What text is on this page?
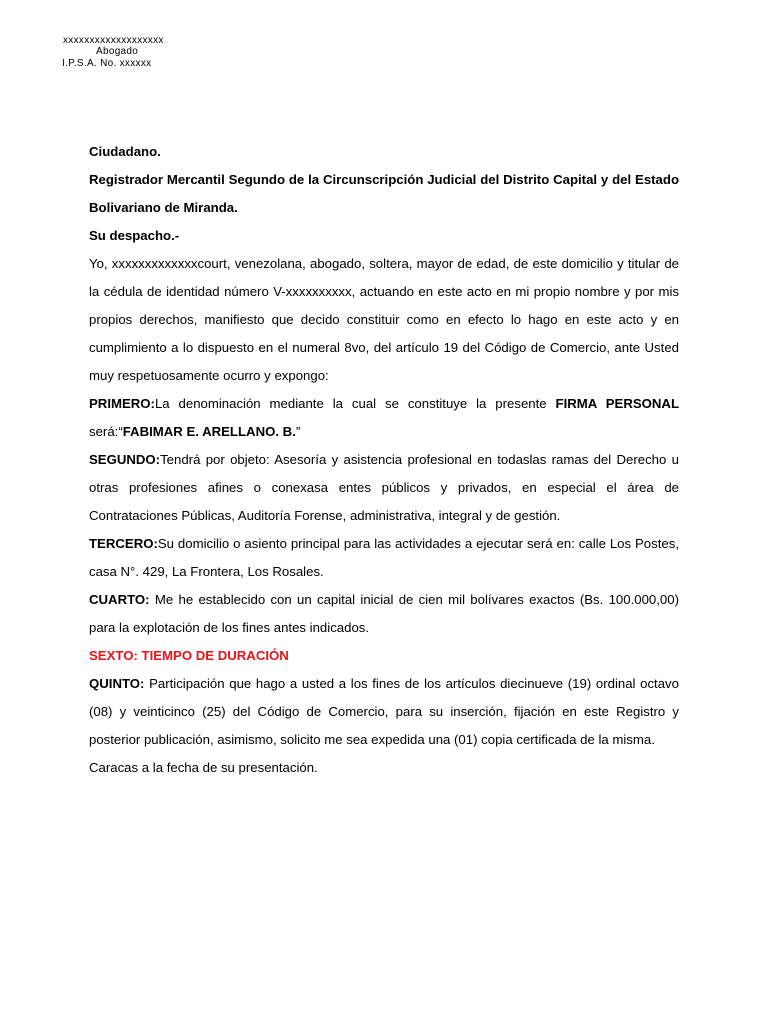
xxxxxxxxxxxxxxxxxxx
Abogado
I.P.S.A. No. xxxxxx

Ciudadano.

Registrador Mercantil Segundo de la Circunscripción Judicial del Distrito Capital y del Estado Bolivariano de Miranda.

Su despacho.-

Yo, xxxxxxxxxxxxxcourt, venezolana, abogado, soltera, mayor de edad, de este domicilio y titular de la cédula de identidad número V-xxxxxxxxxx, actuando en este acto en mi propio nombre y por mis propios derechos, manifiesto que decido constituir como en efecto lo hago en este acto y en cumplimiento a lo dispuesto en el numeral 8vo, del artículo 19 del Código de Comercio, ante Usted muy respetuosamente ocurro y expongo:

PRIMERO:La denominación mediante la cual se constituye la presente FIRMA PERSONAL será:“FABIMAR E. ARELLANO. B.”

SEGUNDO:Tendrá por objeto: Asesoría y asistencia profesional en todaslas ramas del Derecho u otras profesiones afines o conexasa entes públicos y privados, en especial el área de Contrataciones Públicas, Auditoría Forense, administrativa, integral y de gestión.

TERCERO:Su domicilio o asiento principal para las actividades a ejecutar será en: calle Los Postes, casa N°. 429, La Frontera, Los Rosales.

CUARTO: Me he establecido con un capital inicial de cien mil bolívares exactos (Bs. 100.000,00) para la explotación de los fines antes indicados.

SEXTO: TIEMPO DE DURACIÓN

QUINTO: Participación que hago a usted a los fines de los artículos diecinueve (19) ordinal octavo (08) y veinticinco (25) del Código de Comercio, para su inserción, fijación en este Registro y posterior publicación, asimismo, solicito me sea expedida una (01) copia certificada de la misma.

Caracas a la fecha de su presentación.
